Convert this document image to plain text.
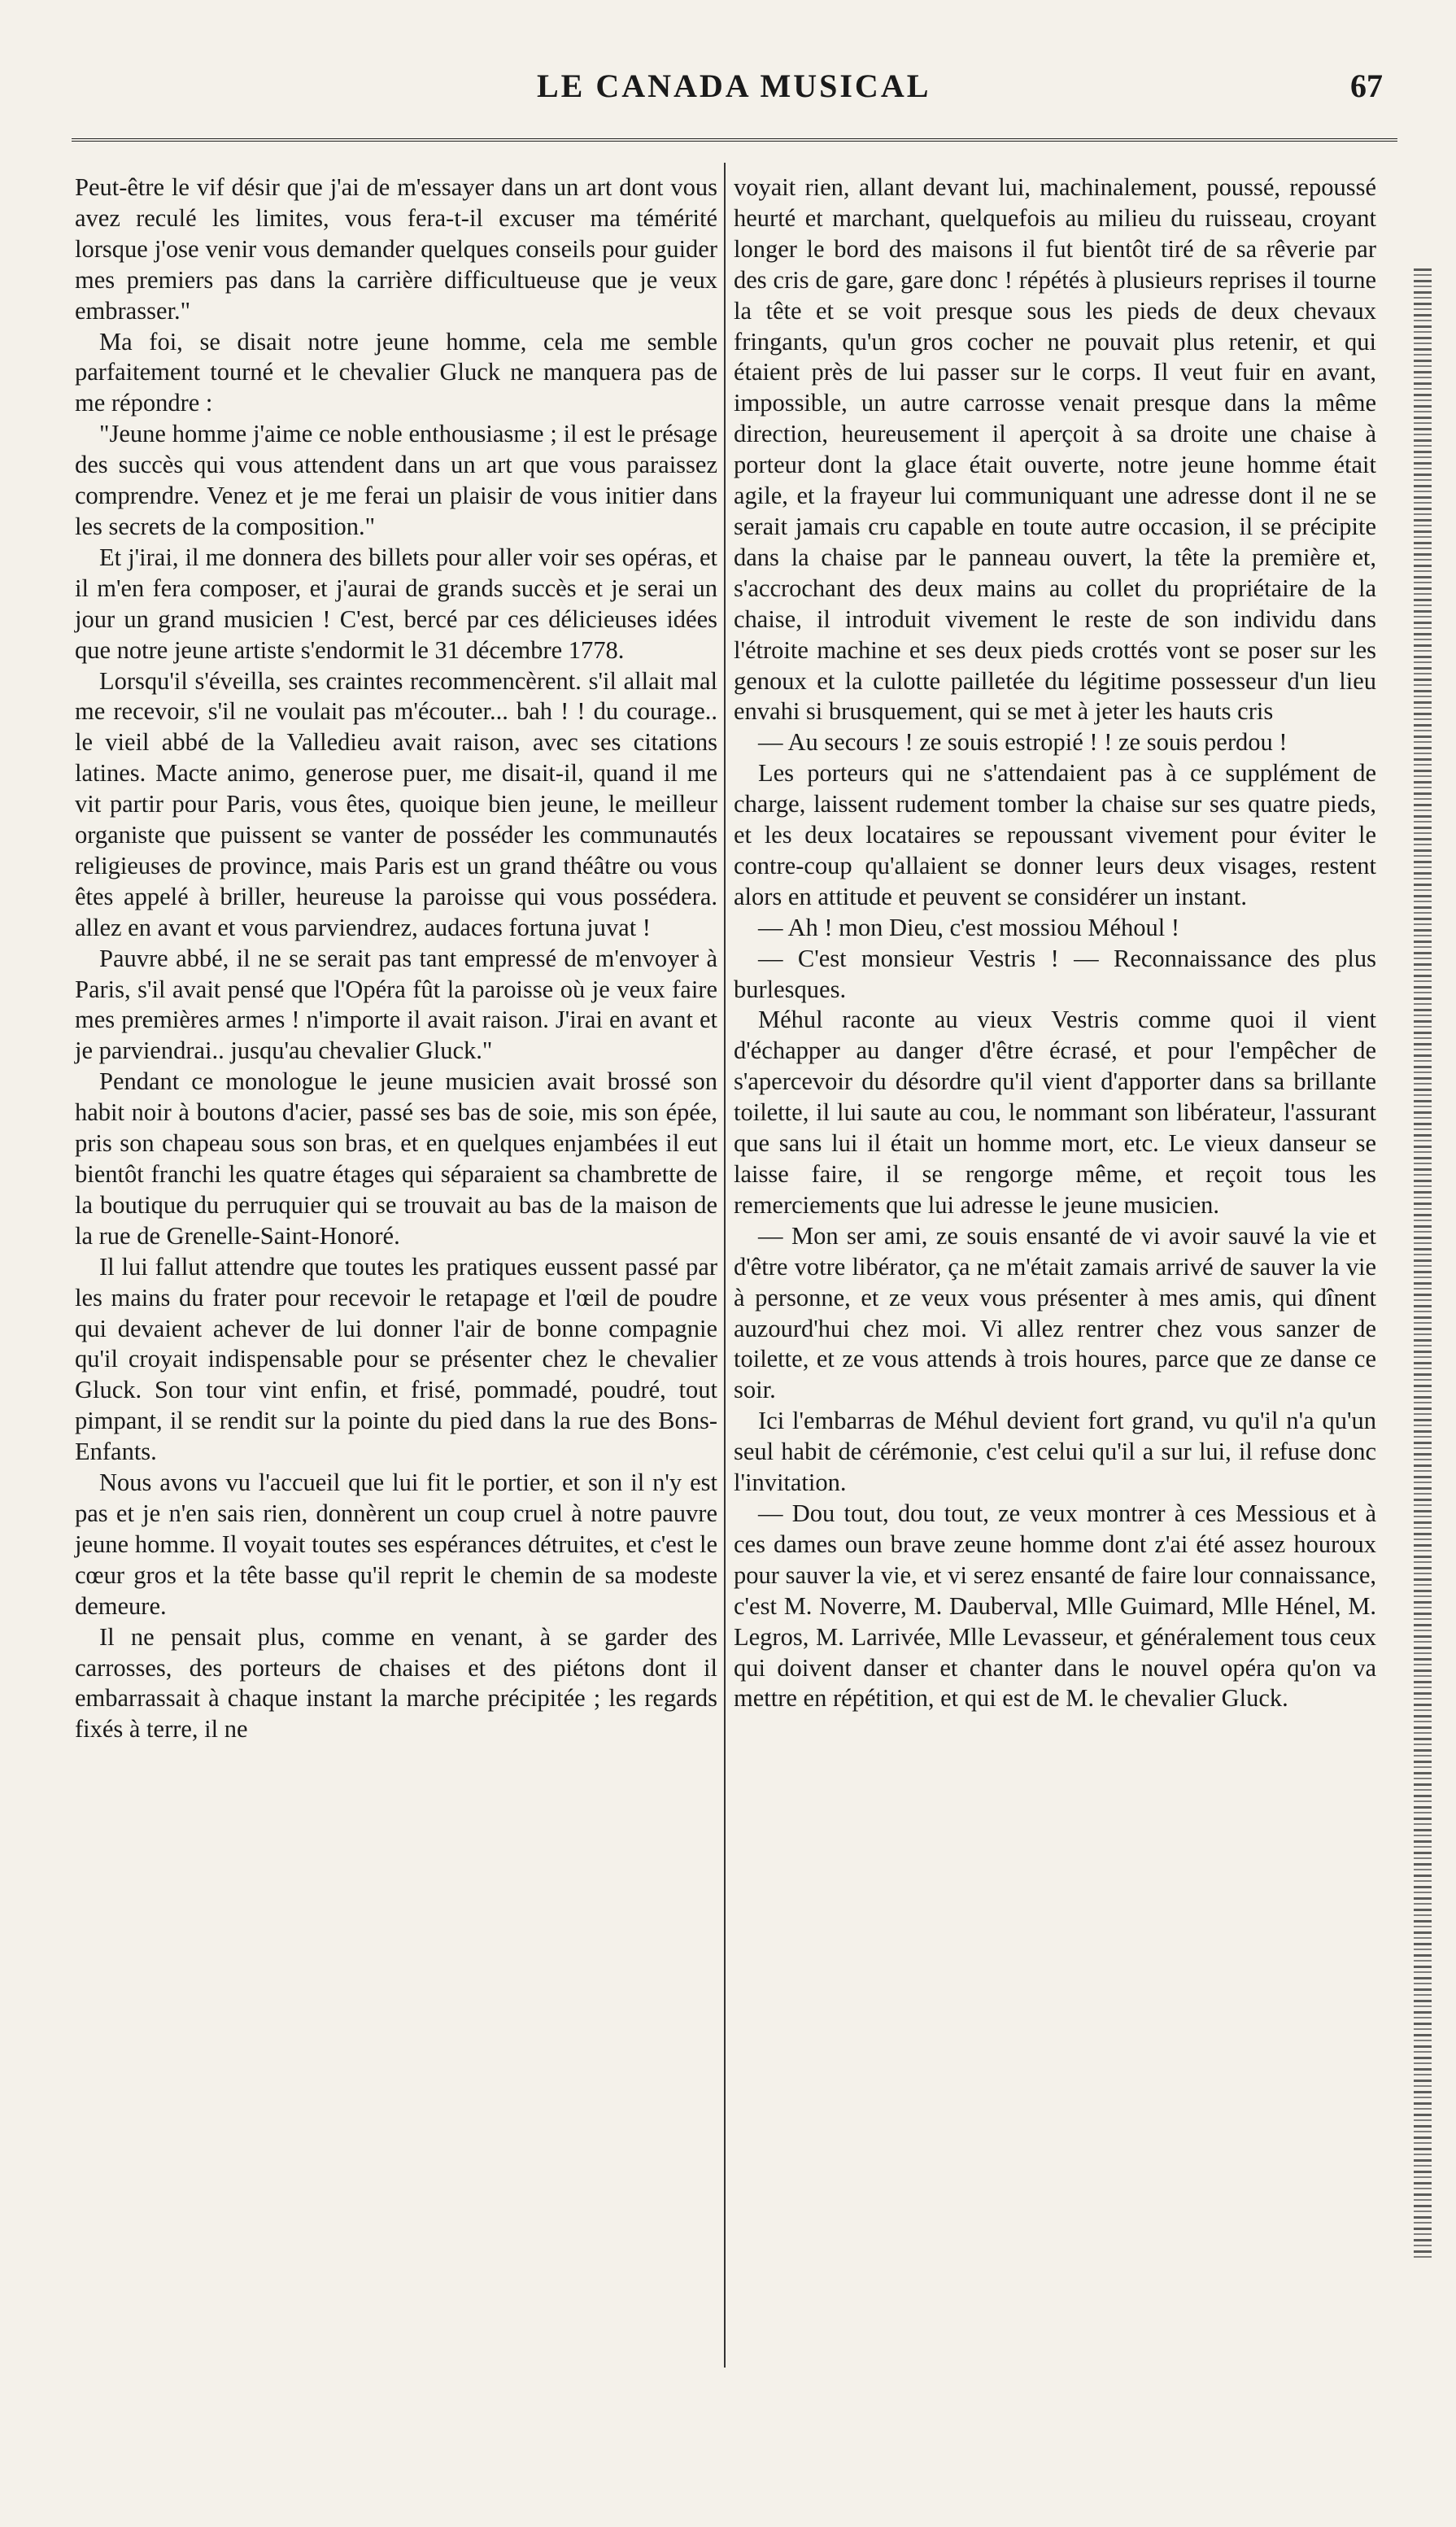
LE CANADA MUSICAL	67

Peut-être le vif désir que j'ai de m'essayer dans un art dont vous avez reculé les limites, vous fera-t-il excuser ma témérité lorsque j'ose venir vous demander quelques conseils pour guider mes premiers pas dans la carrière difficultueuse que je veux embrasser."

Ma foi, se disait notre jeune homme, cela me semble parfaitement tourné et le chevalier Gluck ne manquera pas de me répondre :

"Jeune homme j'aime ce noble enthousiasme ; il est le présage des succès qui vous attendent dans un art que vous paraissez comprendre. Venez et je me ferai un plaisir de vous initier dans les secrets de la composition."

Et j'irai, il me donnera des billets pour aller voir ses opéras, et il m'en fera composer, et j'aurai de grands succès et je serai un jour un grand musicien ! C'est, bercé par ces délicieuses idées que notre jeune artiste s'endormit le 31 décembre 1778.

Lorsqu'il s'éveilla, ses craintes recommencèrent. s'il allait mal me recevoir, s'il ne voulait pas m'écouter... bah ! ! du courage.. le vieil abbé de la Valledieu avait raison, avec ses citations latines. Macte animo, generose puer, me disait-il, quand il me vit partir pour Paris, vous êtes, quoique bien jeune, le meilleur organiste que puissent se vanter de posséder les communautés religieuses de province, mais Paris est un grand théâtre ou vous êtes appelé à briller, heureuse la paroisse qui vous possédera. allez en avant et vous parviendrez, audaces fortuna juvat !

Pauvre abbé, il ne se serait pas tant empressé de m'envoyer à Paris, s'il avait pensé que l'Opéra fût la paroisse où je veux faire mes premières armes ! n'importe il avait raison. J'irai en avant et je parviendrai.. jusqu'au chevalier Gluck."

Pendant ce monologue le jeune musicien avait brossé son habit noir à boutons d'acier, passé ses bas de soie, mis son épée, pris son chapeau sous son bras, et en quelques enjambées il eut bientôt franchi les quatre étages qui séparaient sa chambrette de la boutique du perruquier qui se trouvait au bas de la maison de la rue de Grenelle-Saint-Honoré.

Il lui fallut attendre que toutes les pratiques eussent passé par les mains du frater pour recevoir le retapage et l'œil de poudre qui devaient achever de lui donner l'air de bonne compagnie qu'il croyait indispensable pour se présenter chez le chevalier Gluck. Son tour vint enfin, et frisé, pommadé, poudré, tout pimpant, il se rendit sur la pointe du pied dans la rue des Bons-Enfants.

Nous avons vu l'accueil que lui fit le portier, et son il n'y est pas et je n'en sais rien, donnèrent un coup cruel à notre pauvre jeune homme. Il voyait toutes ses espérances détruites, et c'est le cœur gros et la tête basse qu'il reprit le chemin de sa modeste demeure.

Il ne pensait plus, comme en venant, à se garder des carrosses, des porteurs de chaises et des piétons dont il embarrassait à chaque instant la marche précipitée ; les regards fixés à terre, il ne

voyait rien, allant devant lui, machinalement, poussé, repoussé heurté et marchant, quelquefois au milieu du ruisseau, croyant longer le bord des maisons il fut bientôt tiré de sa rêverie par des cris de gare, gare donc ! répétés à plusieurs reprises il tourne la tête et se voit presque sous les pieds de deux chevaux fringants, qu'un gros cocher ne pouvait plus retenir, et qui étaient près de lui passer sur le corps. Il veut fuir en avant, impossible, un autre carrosse venait presque dans la même direction, heureusement il aperçoit à sa droite une chaise à porteur dont la glace était ouverte, notre jeune homme était agile, et la frayeur lui communiquant une adresse dont il ne se serait jamais cru capable en toute autre occasion, il se précipite dans la chaise par le panneau ouvert, la tête la première et, s'accrochant des deux mains au collet du propriétaire de la chaise, il introduit vivement le reste de son individu dans l'étroite machine et ses deux pieds crottés vont se poser sur les genoux et la culotte pailletée du légitime possesseur d'un lieu envahi si brusquement, qui se met à jeter les hauts cris

— Au secours ! ze souis estropié ! ! ze souis perdou !

Les porteurs qui ne s'attendaient pas à ce supplément de charge, laissent rudement tomber la chaise sur ses quatre pieds, et les deux locataires se repoussant vivement pour éviter le contre-coup qu'allaient se donner leurs deux visages, restent alors en attitude et peuvent se considérer un instant.

— Ah ! mon Dieu, c'est mossiou Méhoul !

— C'est monsieur Vestris ! — Reconnaissance des plus burlesques.

Méhul raconte au vieux Vestris comme quoi il vient d'échapper au danger d'être écrasé, et pour l'empêcher de s'apercevoir du désordre qu'il vient d'apporter dans sa brillante toilette, il lui saute au cou, le nommant son libérateur, l'assurant que sans lui il était un homme mort, etc. Le vieux danseur se laisse faire, il se rengorge même, et reçoit tous les remerciements que lui adresse le jeune musicien.

— Mon ser ami, ze souis ensanté de vi avoir sauvé la vie et d'être votre libérator, ça ne m'était zamais arrivé de sauver la vie à personne, et ze veux vous présenter à mes amis, qui dînent auzourd'hui chez moi. Vi allez rentrer chez vous sanzer de toilette, et ze vous attends à trois houres, parce que ze danse ce soir.

Ici l'embarras de Méhul devient fort grand, vu qu'il n'a qu'un seul habit de cérémonie, c'est celui qu'il a sur lui, il refuse donc l'invitation.

— Dou tout, dou tout, ze veux montrer à ces Messious et à ces dames oun brave zeune homme dont z'ai été assez houroux pour sauver la vie, et vi serez ensanté de faire lour connaissance, c'est M. Noverre, M. Dauberval, Mlle Guimard, Mlle Hénel, M. Legros, M. Larrivée, Mlle Levasseur, et généralement tous ceux qui doivent danser et chanter dans le nouvel opéra qu'on va mettre en répétition, et qui est de M. le chevalier Gluck.
